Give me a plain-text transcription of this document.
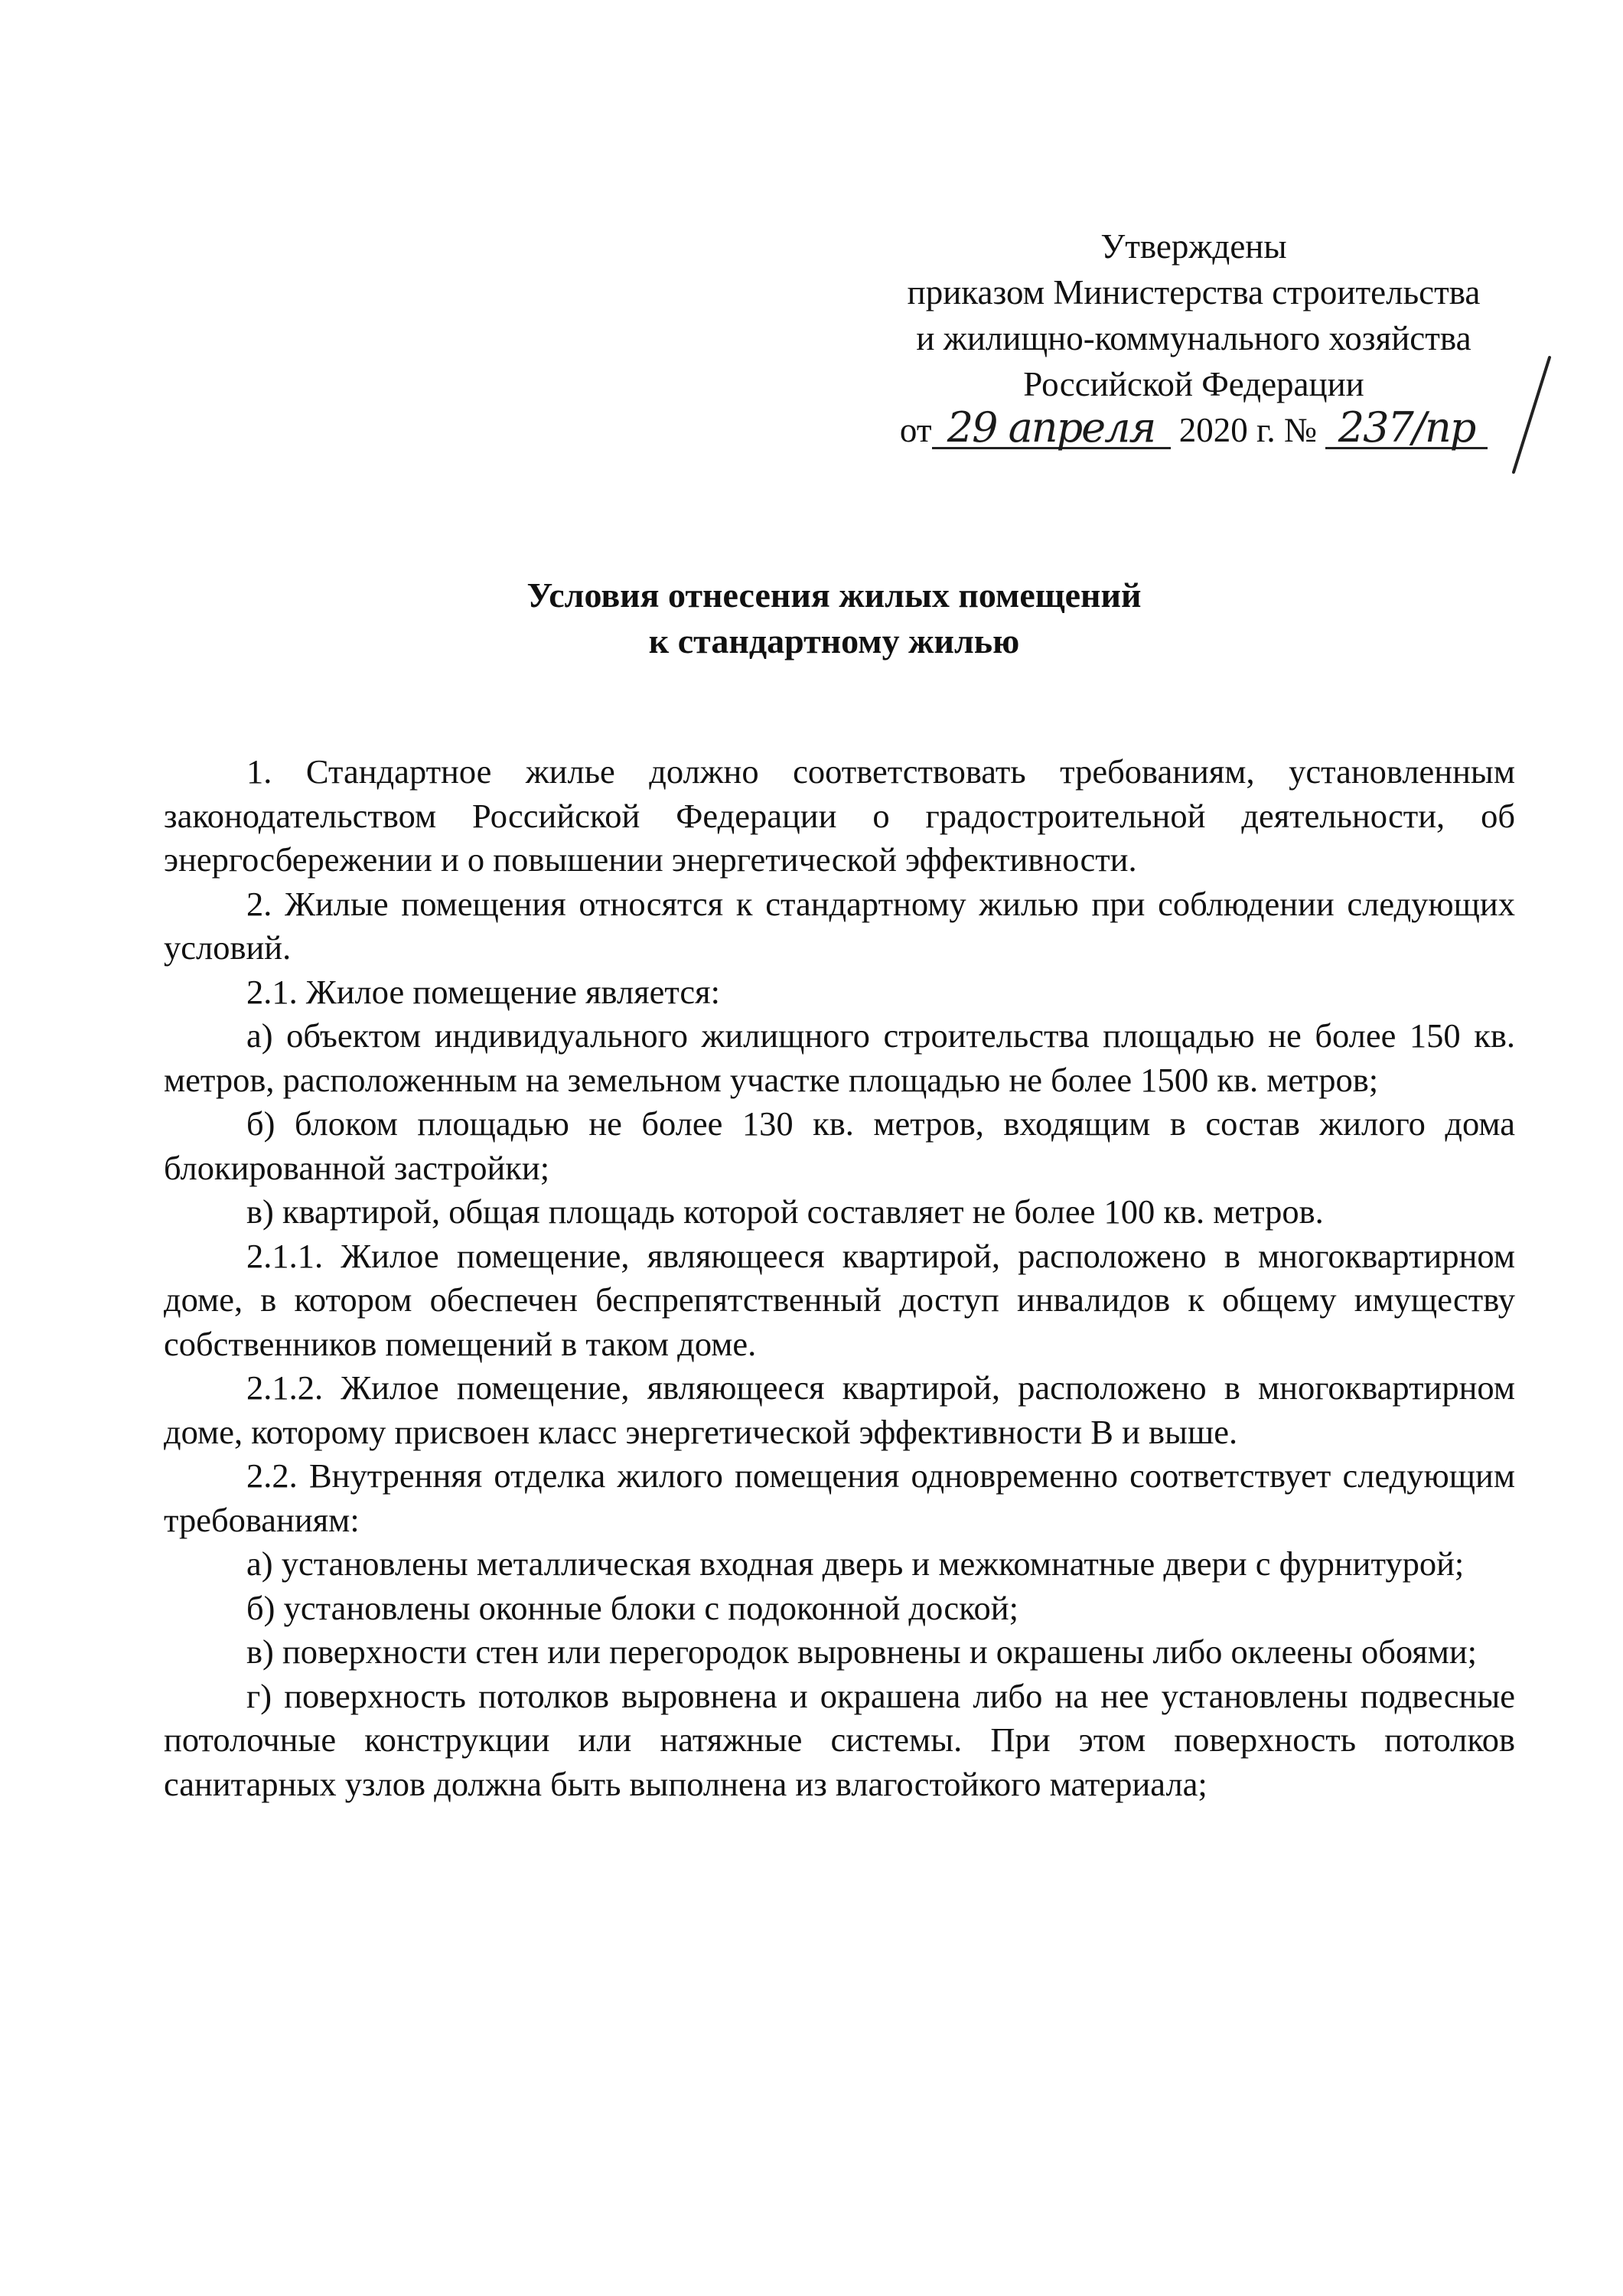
Утверждены
приказом Министерства строительства
и жилищно-коммунального хозяйства
Российской Федерации
от 29 апреля 2020 г. № 237/пр
Условия отнесения жилых помещений
к стандартному жилью

1. Стандартное жилье должно соответствовать требованиям, установленным законодательством Российской Федерации о градостроительной деятельности, об энергосбережении и о повышении энергетической эффективности.

2. Жилые помещения относятся к стандартному жилью при соблюдении следующих условий.

2.1. Жилое помещение является:

а) объектом индивидуального жилищного строительства площадью не более 150 кв. метров, расположенным на земельном участке площадью не более 1500 кв. метров;

б) блоком площадью не более 130 кв. метров, входящим в состав жилого дома блокированной застройки;

в) квартирой, общая площадь которой составляет не более 100 кв. метров.

2.1.1. Жилое помещение, являющееся квартирой, расположено в многоквартирном доме, в котором обеспечен беспрепятственный доступ инвалидов к общему имуществу собственников помещений в таком доме.

2.1.2. Жилое помещение, являющееся квартирой, расположено в многоквартирном доме, которому присвоен класс энергетической эффективности В и выше.

2.2. Внутренняя отделка жилого помещения одновременно соответствует следующим требованиям:

а) установлены металлическая входная дверь и межкомнатные двери с фурнитурой;

б) установлены оконные блоки с подоконной доской;

в) поверхности стен или перегородок выровнены и окрашены либо оклеены обоями;

г) поверхность потолков выровнена и окрашена либо на нее установлены подвесные потолочные конструкции или натяжные системы. При этом поверхность потолков санитарных узлов должна быть выполнена из влагостойкого материала;
